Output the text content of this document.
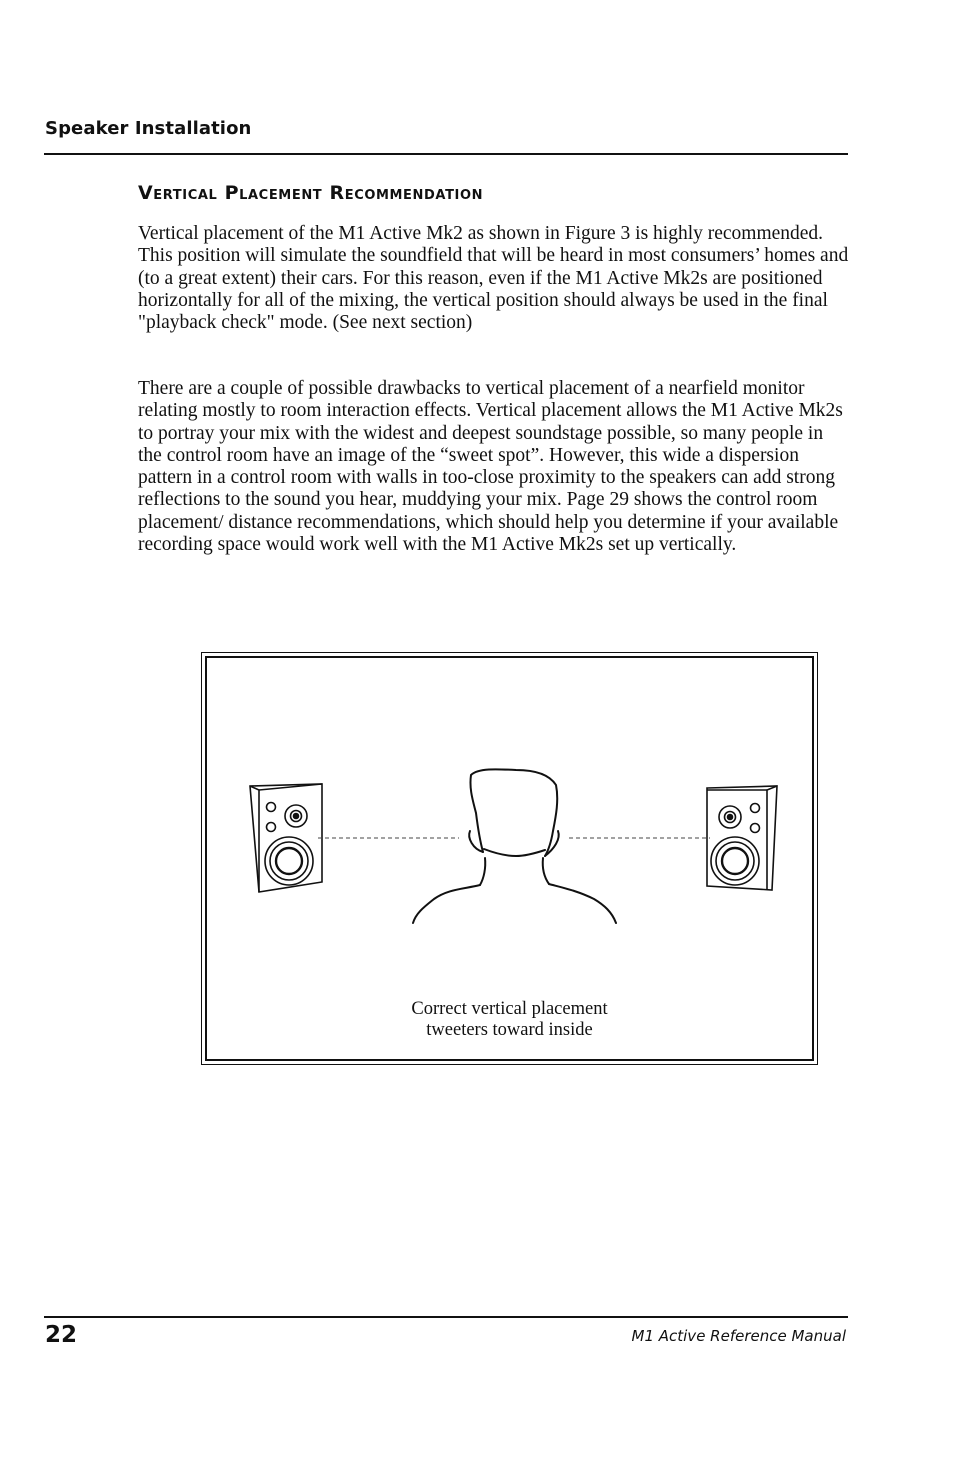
Speaker Installation
Vertical Placement Recommendation

Vertical placement of the M1 Active Mk2 as shown in Figure 3 is highly recommended. This position will simulate the soundfield that will be heard in most consumers’ homes and (to a great extent) their cars. For this reason, even if the M1 Active Mk2s are positioned horizontally for all of the mixing, the vertical position should always be used in the final "playback check" mode. (See next section)

There are a couple of possible drawbacks to vertical placement of a nearfield monitor relating mostly to room interaction effects. Vertical placement allows the M1 Active Mk2s to portray your mix with the widest and deepest soundstage possible, so many people in the control room have an image of the “sweet spot”. However, this wide a dispersion pattern in a control room with walls in too-close proximity to the speakers can add strong reflections to the sound you hear, muddying your mix. Page 29 shows the control room placement/ distance recommendations, which should help you determine if your available recording space would work well with the M1 Active Mk2s set up vertically.

Correct vertical placement
tweeters toward inside
22	M1 Active Reference Manual
